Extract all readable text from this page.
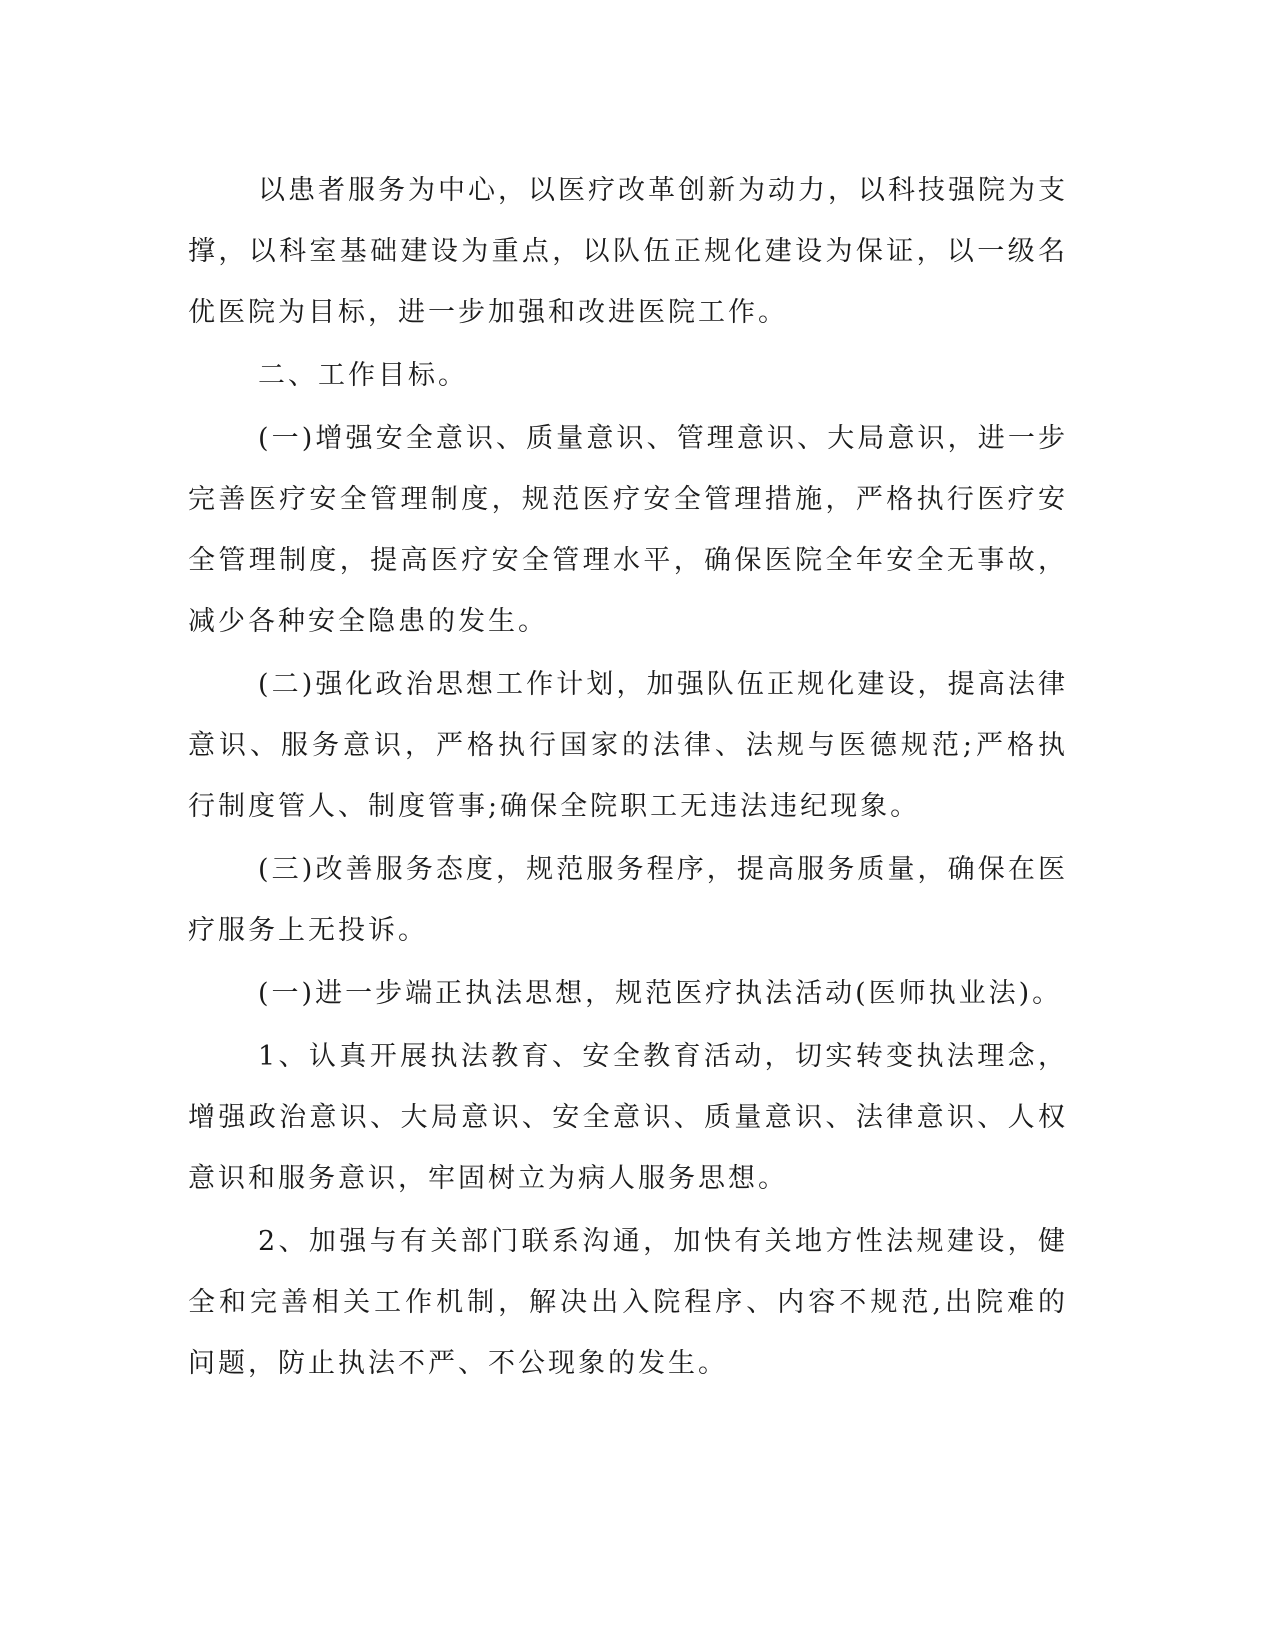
以患者服务为中心，以医疗改革创新为动力，以科技强院为支撑，以科室基础建设为重点，以队伍正规化建设为保证，以一级名优医院为目标，进一步加强和改进医院工作。

二、工作目标。

(一)增强安全意识、质量意识、管理意识、大局意识，进一步完善医疗安全管理制度，规范医疗安全管理措施，严格执行医疗安全管理制度，提高医疗安全管理水平，确保医院全年安全无事故，减少各种安全隐患的发生。

(二)强化政治思想工作计划，加强队伍正规化建设，提高法律意识、服务意识，严格执行国家的法律、法规与医德规范;严格执行制度管人、制度管事;确保全院职工无违法违纪现象。

(三)改善服务态度，规范服务程序，提高服务质量，确保在医疗服务上无投诉。

(一)进一步端正执法思想，规范医疗执法活动(医师执业法)。

1、认真开展执法教育、安全教育活动，切实转变执法理念，增强政治意识、大局意识、安全意识、质量意识、法律意识、人权意识和服务意识，牢固树立为病人服务思想。

2、加强与有关部门联系沟通，加快有关地方性法规建设，健全和完善相关工作机制，解决出入院程序、内容不规范,出院难的问题，防止执法不严、不公现象的发生。
